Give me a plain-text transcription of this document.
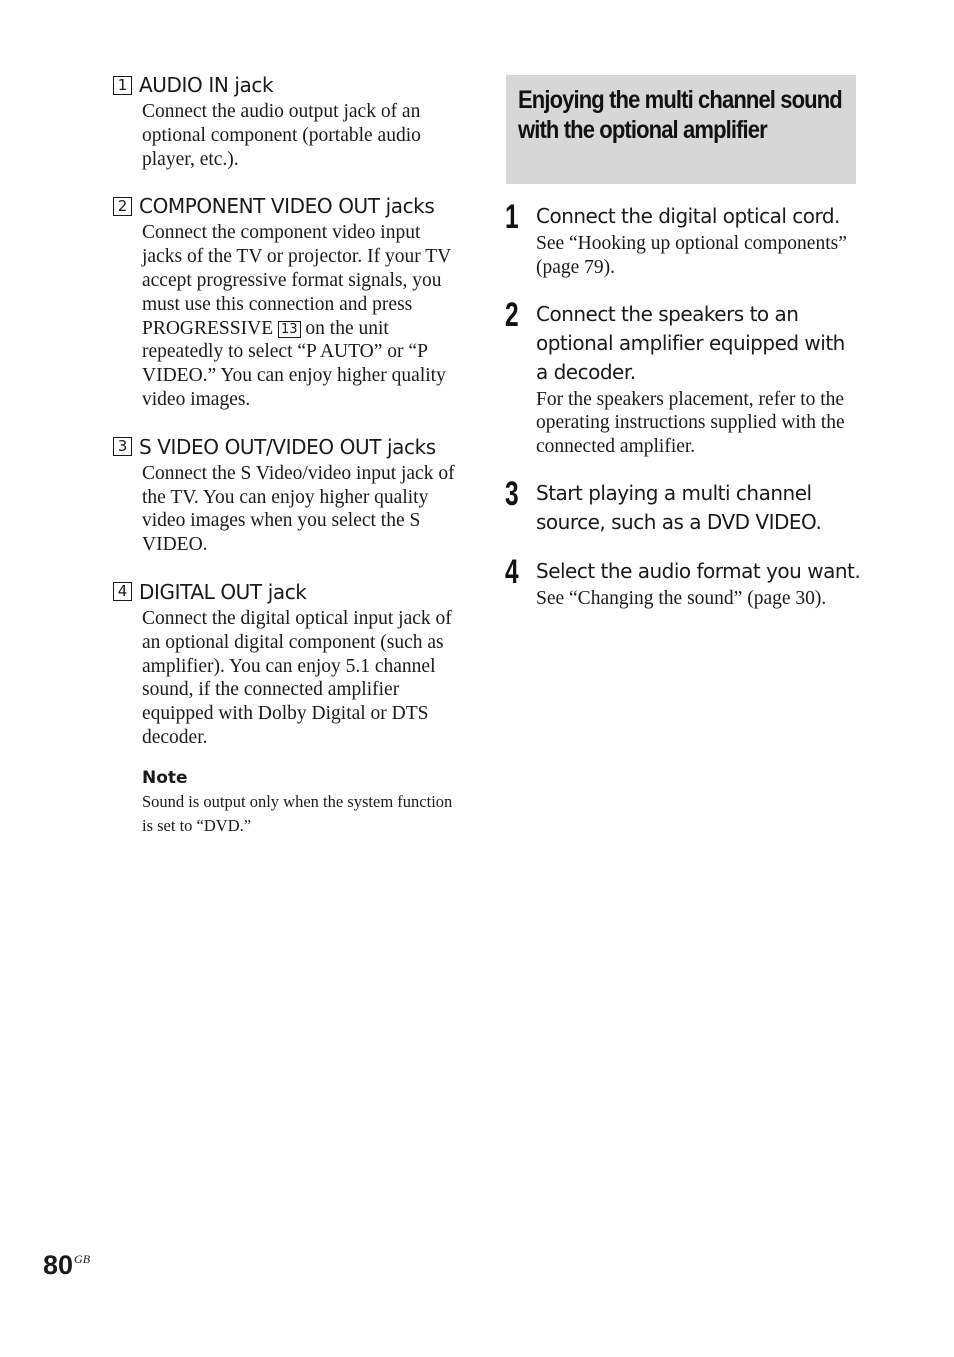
1 AUDIO IN jack
Connect the audio output jack of an optional component (portable audio player, etc.).
2 COMPONENT VIDEO OUT jacks
Connect the component video input jacks of the TV or projector. If your TV accept progressive format signals, you must use this connection and press PROGRESSIVE 13 on the unit repeatedly to select “P AUTO” or “P VIDEO.” You can enjoy higher quality video images.
3 S VIDEO OUT/VIDEO OUT jacks
Connect the S Video/video input jack of the TV. You can enjoy higher quality video images when you select the S VIDEO.
4 DIGITAL OUT jack
Connect the digital optical input jack of an optional digital component (such as amplifier). You can enjoy 5.1 channel sound, if the connected amplifier equipped with Dolby Digital or DTS decoder.
Note
Sound is output only when the system function is set to “DVD.”
Enjoying the multi channel sound with the optional amplifier
1 Connect the digital optical cord.
See “Hooking up optional components” (page 79).
2 Connect the speakers to an optional amplifier equipped with a decoder.
For the speakers placement, refer to the operating instructions supplied with the connected amplifier.
3 Start playing a multi channel source, such as a DVD VIDEO.
4 Select the audio format you want.
See “Changing the sound” (page 30).
80 GB
